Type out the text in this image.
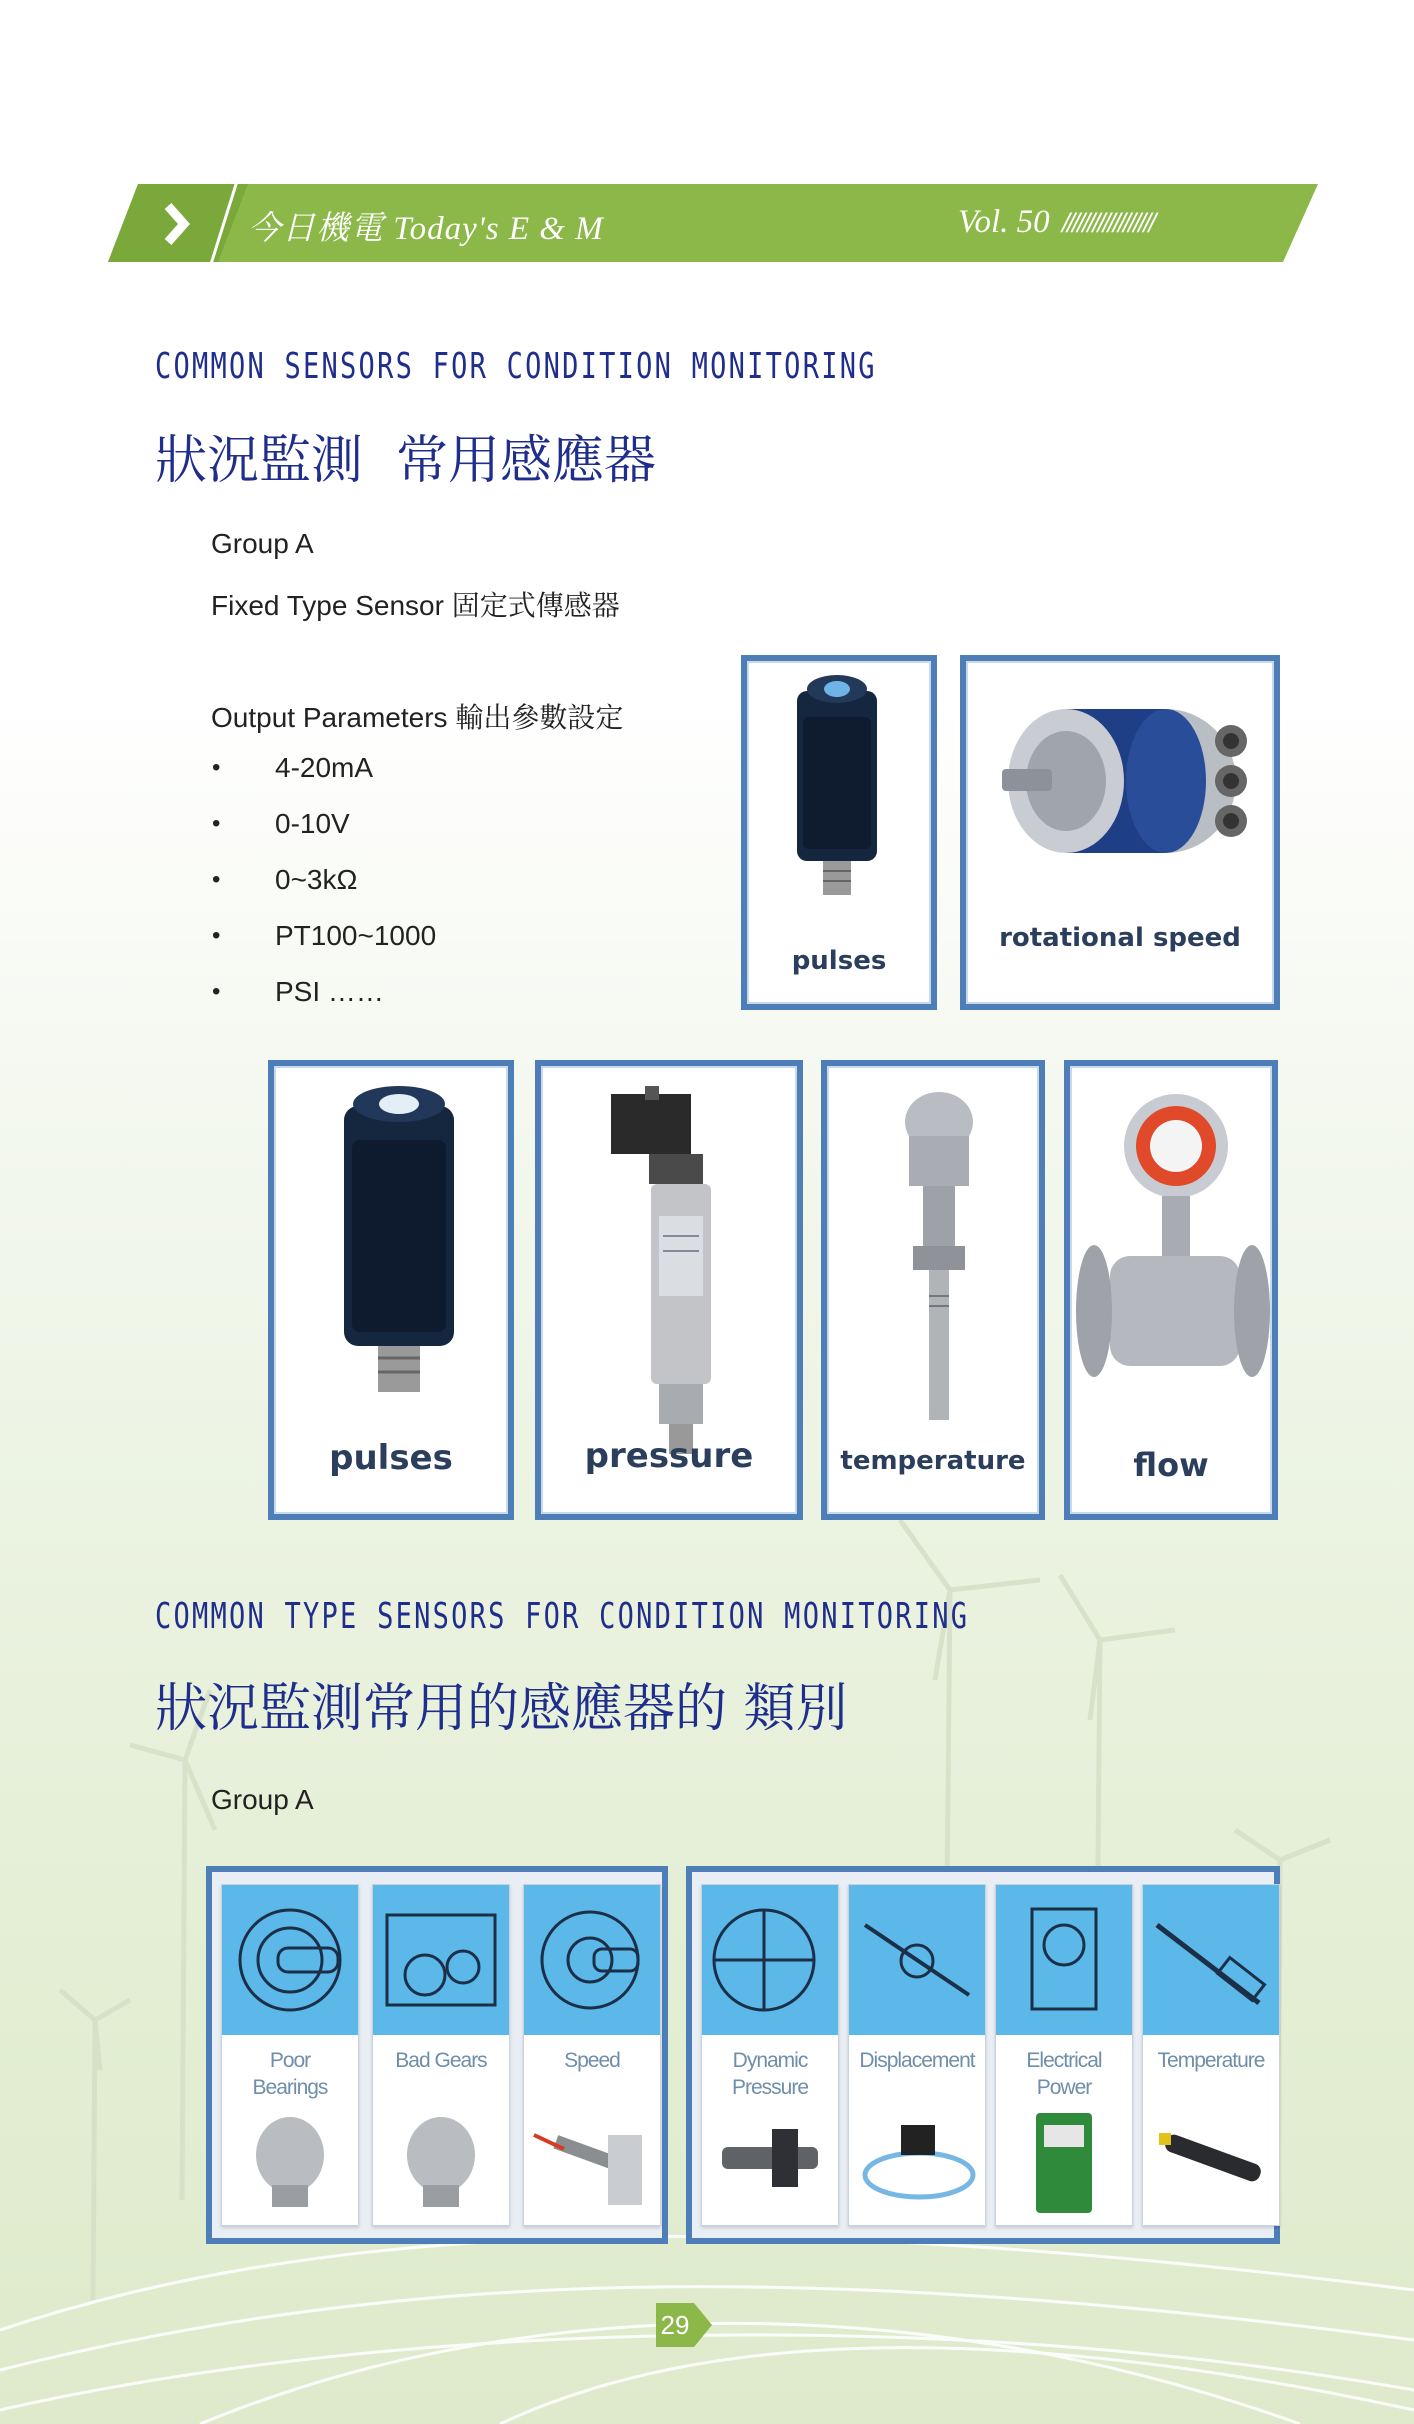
今日機電 Today's E & M	Vol. 50 //////////////////
COMMON SENSORS FOR CONDITION MONITORING
狀況監測  常用感應器
Group A
Fixed Type Sensor 固定式傳感器
Output Parameters 輸出參數設定
• 4-20mA
• 0-10V
• 0~3kΩ
• PT100~1000
• PSI ……
pulses
rotational speed
pulses	pressure	temperature	flow
COMMON TYPE SENSORS FOR CONDITION MONITORING
狀況監測常用的感應器的 類別
Group A
Poor
Bearings
Bad Gears	Speed	Dynamic
Pressure
Displacement	Electrical
Power
Temperature
29
